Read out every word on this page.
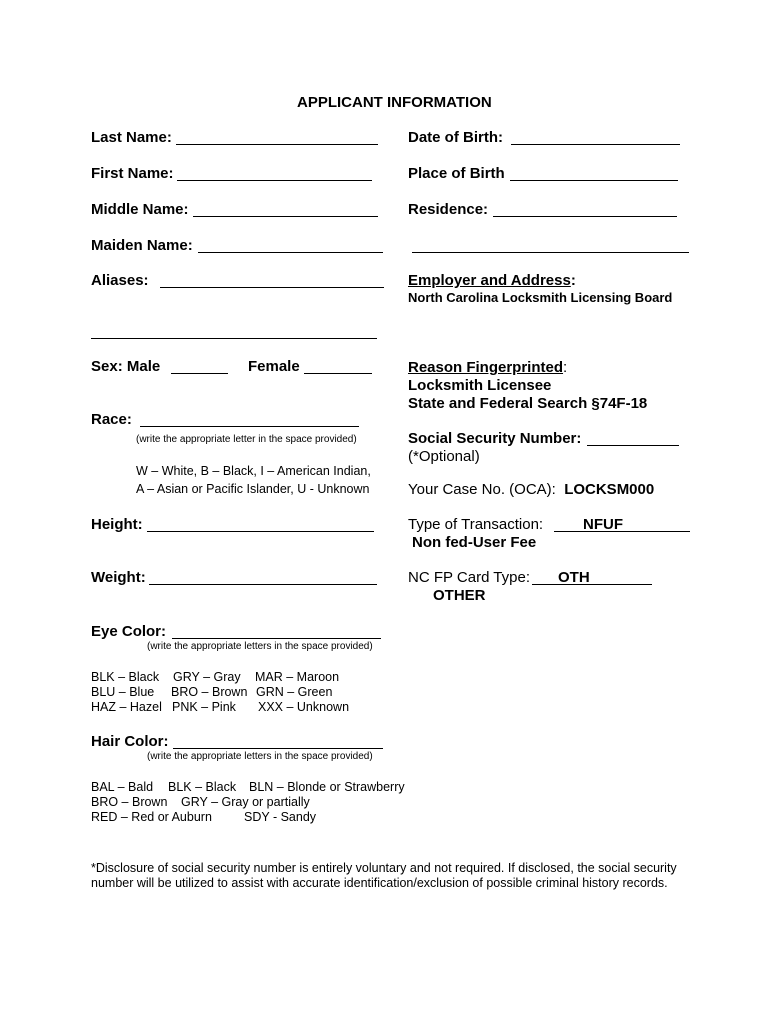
APPLICANT INFORMATION
Last Name:
First Name:
Middle Name:
Maiden Name:
Aliases:
Sex: Male	Female
Race:
(write the appropriate letter in the space provided)
W – White, B – Black, I – American Indian,
A – Asian or Pacific Islander, U - Unknown
Height:
Weight:
Eye Color:
(write the appropriate letters in the space provided)
BLK – Black GRY – Gray MAR – Maroon
BLU – Blue BRO – Brown GRN – Green
HAZ – Hazel PNK – Pink XXX – Unknown
Hair Color:
(write the appropriate letters in the space provided)
BAL – Bald BLK – Black BLN – Blonde or Strawberry
BRO – Brown GRY – Gray or partially
RED – Red or Auburn	SDY - Sandy
Date of Birth:
Place of Birth
Residence:
Employer and Address:
North Carolina Locksmith Licensing Board
Reason Fingerprinted:
Locksmith Licensee
State and Federal Search §74F-18
Social Security Number:
(*Optional)
Your Case No. (OCA): LOCKSM000
Type of Transaction:	NFUF
Non fed-User Fee
NC FP Card Type: OTH
OTHER
*Disclosure of social security number is entirely voluntary and not required. If disclosed, the social security
number will be utilized to assist with accurate identification/exclusion of possible criminal history records.
